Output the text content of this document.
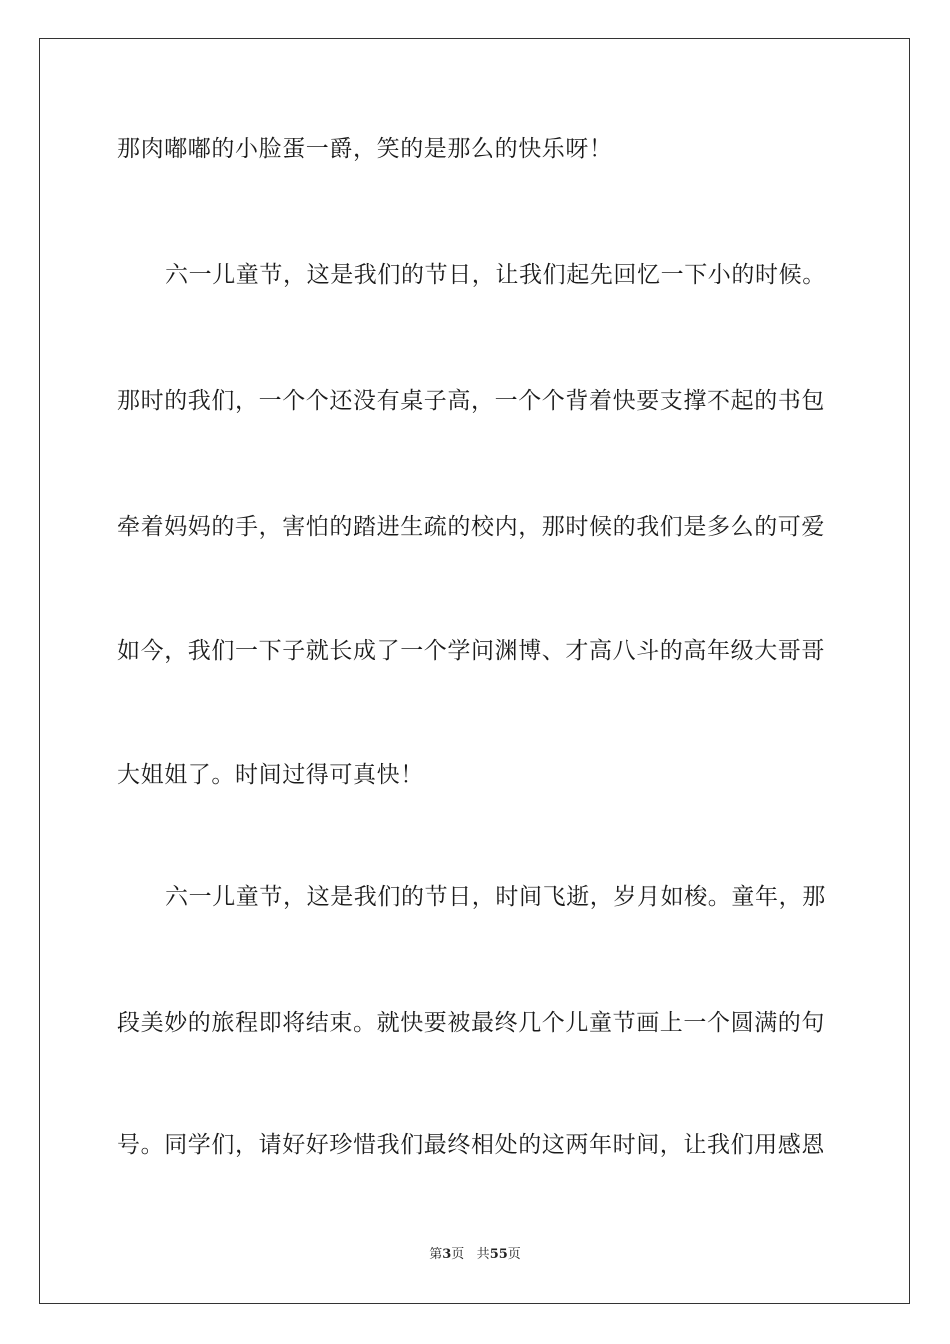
那肉嘟嘟的小脸蛋一爵，笑的是那么的快乐呀！
六一儿童节，这是我们的节日，让我们起先回忆一下小的时候。
那时的我们，一个个还没有桌子高，一个个背着快要支撑不起的书包
牵着妈妈的手，害怕的踏进生疏的校内，那时候的我们是多么的可爱
如今，我们一下子就长成了一个学问渊博、才高八斗的高年级大哥哥
大姐姐了。时间过得可真快！
六一儿童节，这是我们的节日，时间飞逝，岁月如梭。童年，那
段美妙的旅程即将结束。就快要被最终几个儿童节画上一个圆满的句
号。同学们，请好好珍惜我们最终相处的这两年时间，让我们用感恩
第3页 共55页
